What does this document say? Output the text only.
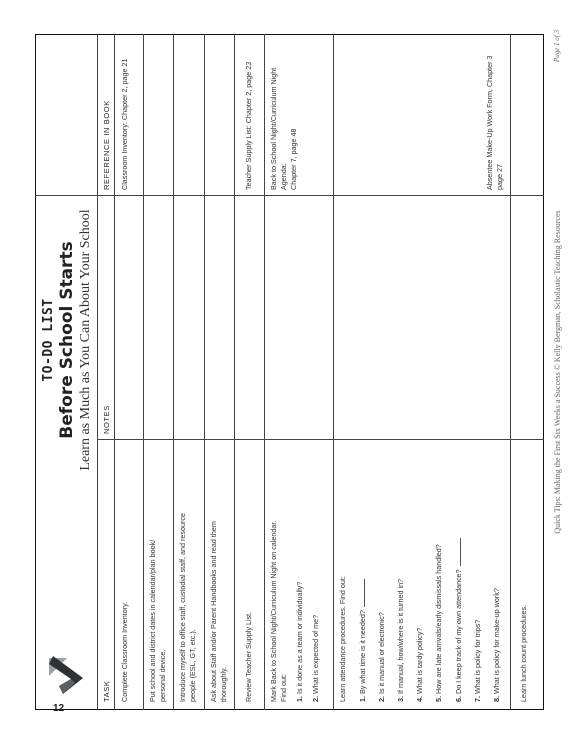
TO-DO LIST Before School Starts Learn as Much as You Can About Your School
TASK
NOTES
REFERENCE IN BOOK
Complete Classroom Inventory.
Classroom Inventory: Chapter 2, page 21
Put school and district dates in calendar/plan book/ personal device. Introduce myself to office staff, custodial staff, and resource people (ESL, GT, etc.). Ask about Staff and/or Parent Handbooks and read them thoroughly. Review Teacher Supply List.
Teacher Supply List: Chapter 2, page 23
Mark Back to School Night/Curriculum Night on calendar. Find out: 1. Is it done as a team or individually?
2. What is expected of me?
Back to School Night/Curriculum Night Agenda: Chapter 7, page 48
Learn attendance procedures. Find out: 1. By what time is it needed?
2. Is it manual or electronic?
3. If manual, how/where is it turned in?
4. What is tardy policy?
5. How are late arrivals/early dismissals handled?
6. Do I keep track of my own attendance?
7. What is policy for trips?
8. What is policy for make-up work?
Absentee Make-Up Work Form, Chapter 3 page 27
Learn lunch count procedures.
Quick Tips: Making the First Six Weeks a Success © Kelly Bergman, Scholastic Teaching Resources
Page 1 of 3
12
